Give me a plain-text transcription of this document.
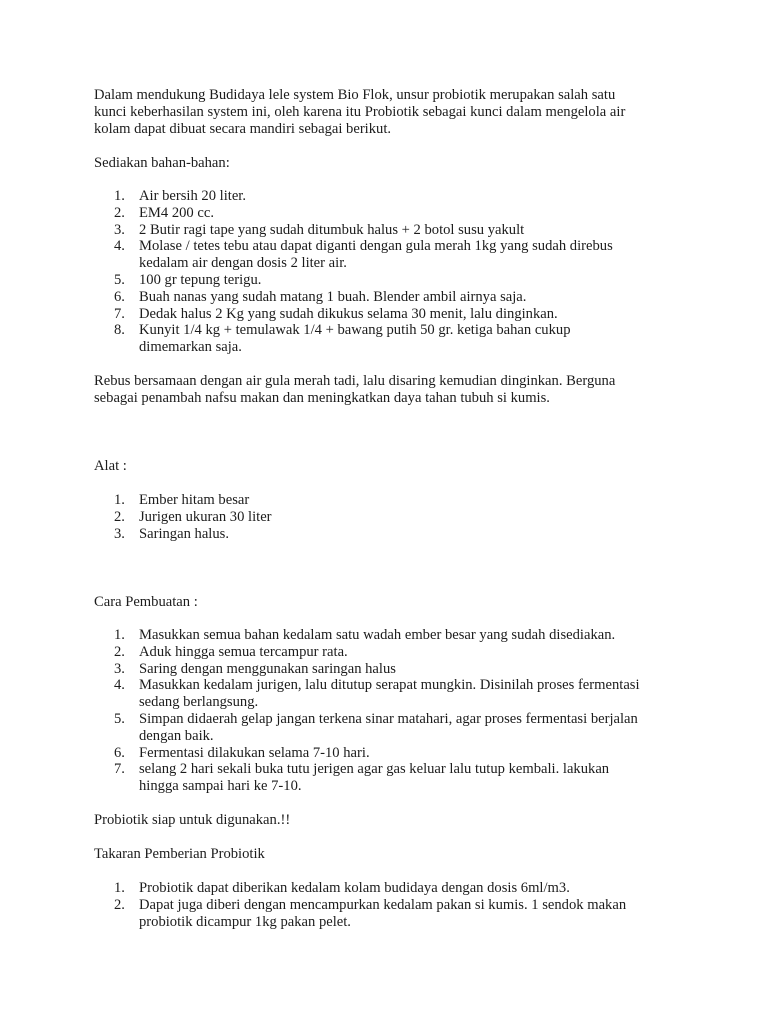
Dalam mendukung Budidaya lele system Bio Flok, unsur probiotik merupakan salah satu
kunci keberhasilan system ini, oleh karena itu Probiotik sebagai kunci dalam mengelola air
kolam dapat dibuat secara mandiri sebagai berikut.

Sediakan bahan-bahan:

1. Air bersih 20 liter.
2. EM4 200 cc.
3. 2 Butir ragi tape yang sudah ditumbuk halus + 2 botol susu yakult
4. Molase / tetes tebu atau dapat diganti dengan gula merah 1kg yang sudah direbus
kedalam air dengan dosis 2 liter air.
5. 100 gr tepung terigu.
6. Buah nanas yang sudah matang 1 buah. Blender ambil airnya saja.
7. Dedak halus 2 Kg yang sudah dikukus selama 30 menit, lalu dinginkan.
8. Kunyit 1/4 kg + temulawak 1/4 + bawang putih 50 gr. ketiga bahan cukup
dimemarkan saja.

Rebus bersamaan dengan air gula merah tadi, lalu disaring kemudian dinginkan. Berguna
sebagai penambah nafsu makan dan meningkatkan daya tahan tubuh si kumis.

Alat :

1. Ember hitam besar
2. Jurigen ukuran 30 liter
3. Saringan halus.

Cara Pembuatan :

1. Masukkan semua bahan kedalam satu wadah ember besar yang sudah disediakan.
2. Aduk hingga semua tercampur rata.
3. Saring dengan menggunakan saringan halus
4. Masukkan kedalam jurigen, lalu ditutup serapat mungkin. Disinilah proses fermentasi
sedang berlangsung.
5. Simpan didaerah gelap jangan terkena sinar matahari, agar proses fermentasi berjalan
dengan baik.
6. Fermentasi dilakukan selama 7-10 hari.
7. selang 2 hari sekali buka tutu jerigen agar gas keluar lalu tutup kembali. lakukan
hingga sampai hari ke 7-10.

Probiotik siap untuk digunakan.!!

Takaran Pemberian Probiotik

1. Probiotik dapat diberikan kedalam kolam budidaya dengan dosis 6ml/m3.
2. Dapat juga diberi dengan mencampurkan kedalam pakan si kumis. 1 sendok makan
probiotik dicampur 1kg pakan pelet.
